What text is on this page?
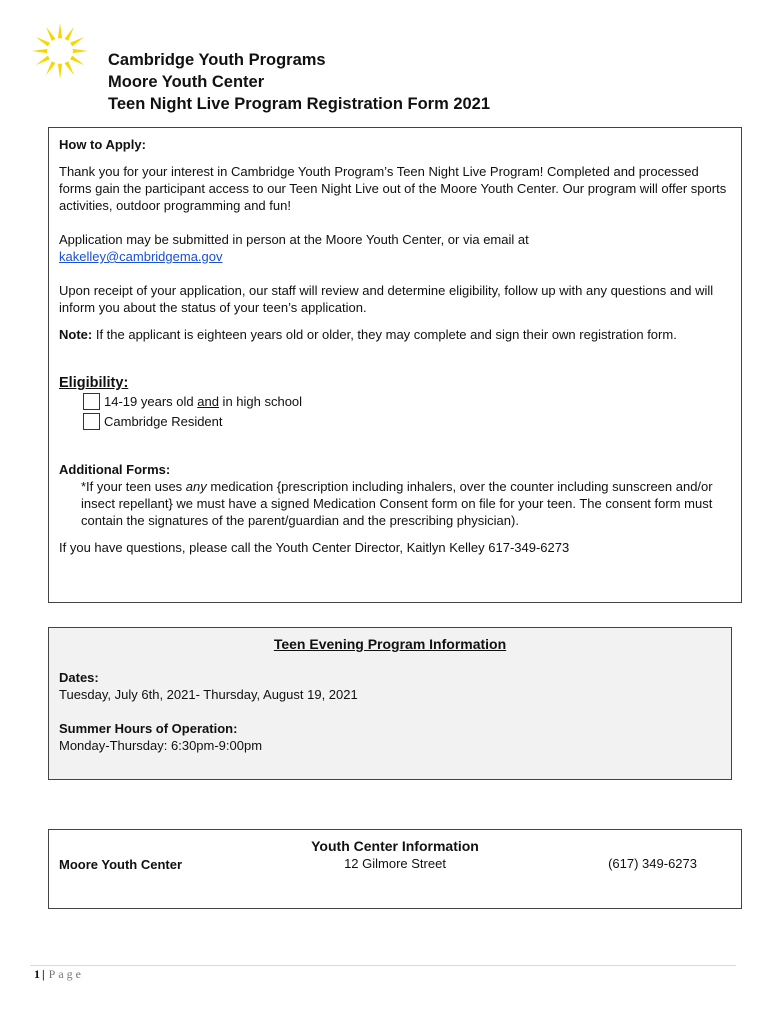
Cambridge Youth Programs
Moore Youth Center
Teen Night Live Program Registration Form 2021
How to Apply:
Thank you for your interest in Cambridge Youth Program’s Teen Night Live Program! Completed and processed forms gain the participant access to our Teen Night Live out of the Moore Youth Center. Our program will offer sports activities, outdoor programming and fun!
Application may be submitted in person at the Moore Youth Center, or via email at
kakelley@cambridgema.gov
Upon receipt of your application, our staff will review and determine eligibility, follow up with any questions and will inform you about the status of your teen’s application.
Note: If the applicant is eighteen years old or older, they may complete and sign their own registration form.
Eligibility:
14-19 years old and in high school
Cambridge Resident
Additional Forms:
*If your teen uses any medication {prescription including inhalers, over the counter including sunscreen and/or insect repellant} we must have a signed Medication Consent form on file for your teen. The consent form must contain the signatures of the parent/guardian and the prescribing physician).
If you have questions, please call the Youth Center Director, Kaitlyn Kelley 617-349-6273
Teen Evening Program Information
Dates:
Tuesday, July 6th, 2021- Thursday, August 19, 2021
Summer Hours of Operation:
Monday-Thursday: 6:30pm-9:00pm
Youth Center Information
Moore Youth Center	12 Gilmore Street	(617) 349-6273
1 | Page
